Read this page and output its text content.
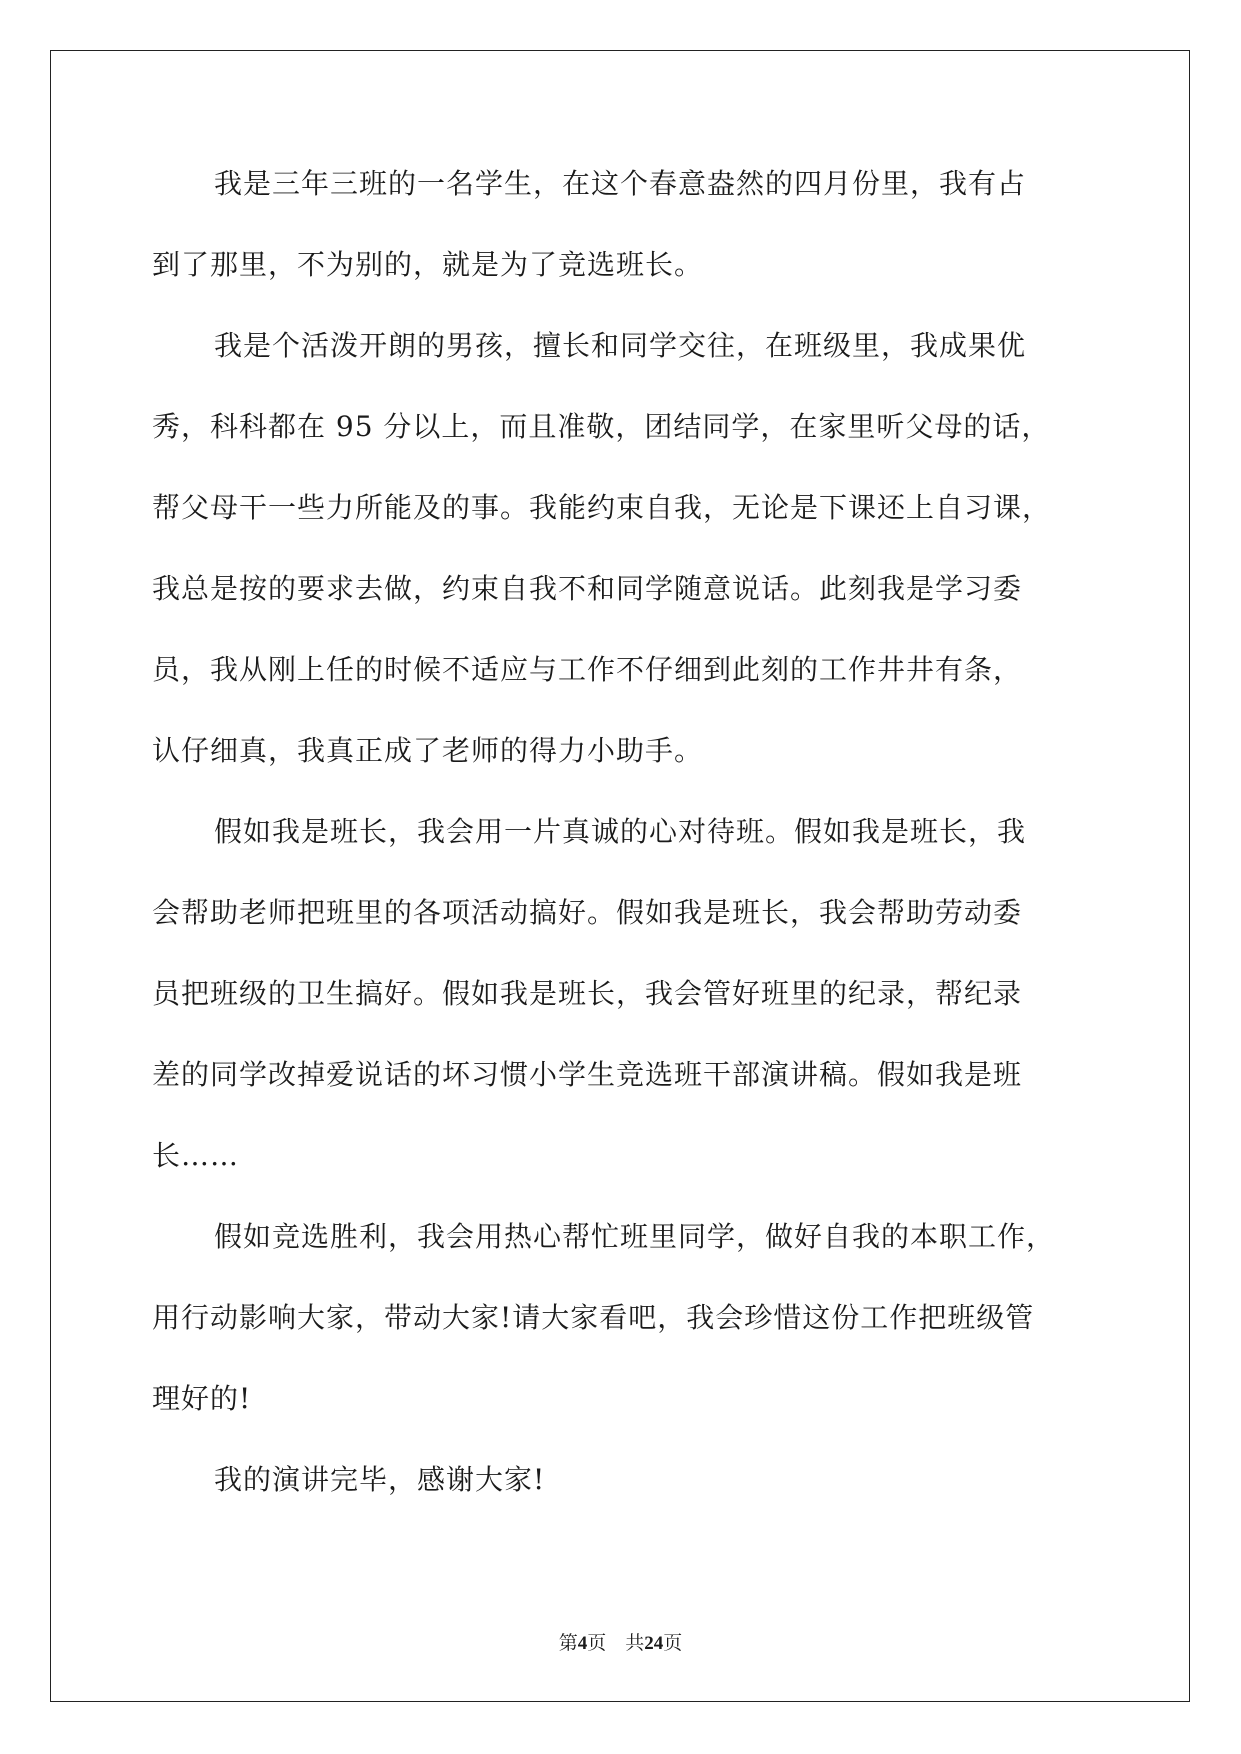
我是三年三班的一名学生，在这个春意盎然的四月份里，我有占
到了那里，不为别的，就是为了竞选班长。
我是个活泼开朗的男孩，擅长和同学交往，在班级里，我成果优
秀，科科都在 95 分以上，而且准敬，团结同学，在家里听父母的话，
帮父母干一些力所能及的事。我能约束自我，无论是下课还上自习课，
我总是按的要求去做，约束自我不和同学随意说话。此刻我是学习委
员，我从刚上任的时候不适应与工作不仔细到此刻的工作井井有条，
认仔细真，我真正成了老师的得力小助手。
假如我是班长，我会用一片真诚的心对待班。假如我是班长，我
会帮助老师把班里的各项活动搞好。假如我是班长，我会帮助劳动委
员把班级的卫生搞好。假如我是班长，我会管好班里的纪录，帮纪录
差的同学改掉爱说话的坏习惯小学生竞选班干部演讲稿。假如我是班
长……
假如竞选胜利，我会用热心帮忙班里同学，做好自我的本职工作，
用行动影响大家，带动大家!请大家看吧，我会珍惜这份工作把班级管
理好的!
我的演讲完毕，感谢大家!
第4页 共24页
